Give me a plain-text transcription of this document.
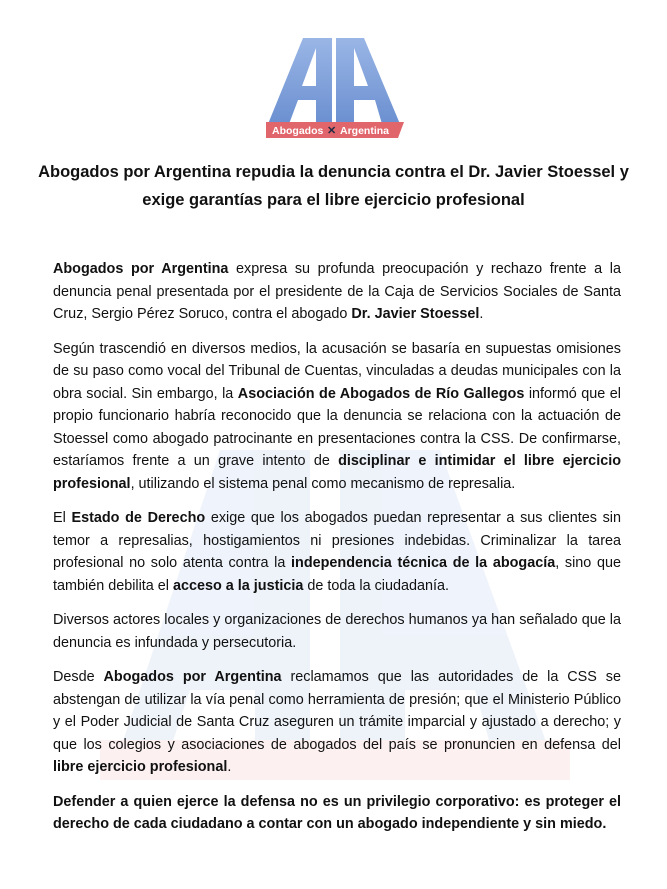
Abogados ✕ Argentina
Abogados por Argentina repudia la denuncia contra el Dr. Javier Stoessel y exige garantías para el libre ejercicio profesional

Abogados por Argentina expresa su profunda preocupación y rechazo frente a la denuncia penal presentada por el presidente de la Caja de Servicios Sociales de Santa Cruz, Sergio Pérez Soruco, contra el abogado Dr. Javier Stoessel.

Según trascendió en diversos medios, la acusación se basaría en supuestas omisiones de su paso como vocal del Tribunal de Cuentas, vinculadas a deudas municipales con la obra social. Sin embargo, la Asociación de Abogados de Río Gallegos informó que el propio funcionario habría reconocido que la denuncia se relaciona con la actuación de Stoessel como abogado patrocinante en presentaciones contra la CSS. De confirmarse, estaríamos frente a un grave intento de disciplinar e intimidar el libre ejercicio profesional, utilizando el sistema penal como mecanismo de represalia.

El Estado de Derecho exige que los abogados puedan representar a sus clientes sin temor a represalias, hostigamientos ni presiones indebidas. Criminalizar la tarea profesional no solo atenta contra la independencia técnica de la abogacía, sino que también debilita el acceso a la justicia de toda la ciudadanía.

Diversos actores locales y organizaciones de derechos humanos ya han señalado que la denuncia es infundada y persecutoria.

Desde Abogados por Argentina reclamamos que las autoridades de la CSS se abstengan de utilizar la vía penal como herramienta de presión; que el Ministerio Público y el Poder Judicial de Santa Cruz aseguren un trámite imparcial y ajustado a derecho; y que los colegios y asociaciones de abogados del país se pronuncien en defensa del libre ejercicio profesional.

Defender a quien ejerce la defensa no es un privilegio corporativo: es proteger el derecho de cada ciudadano a contar con un abogado independiente y sin miedo.
